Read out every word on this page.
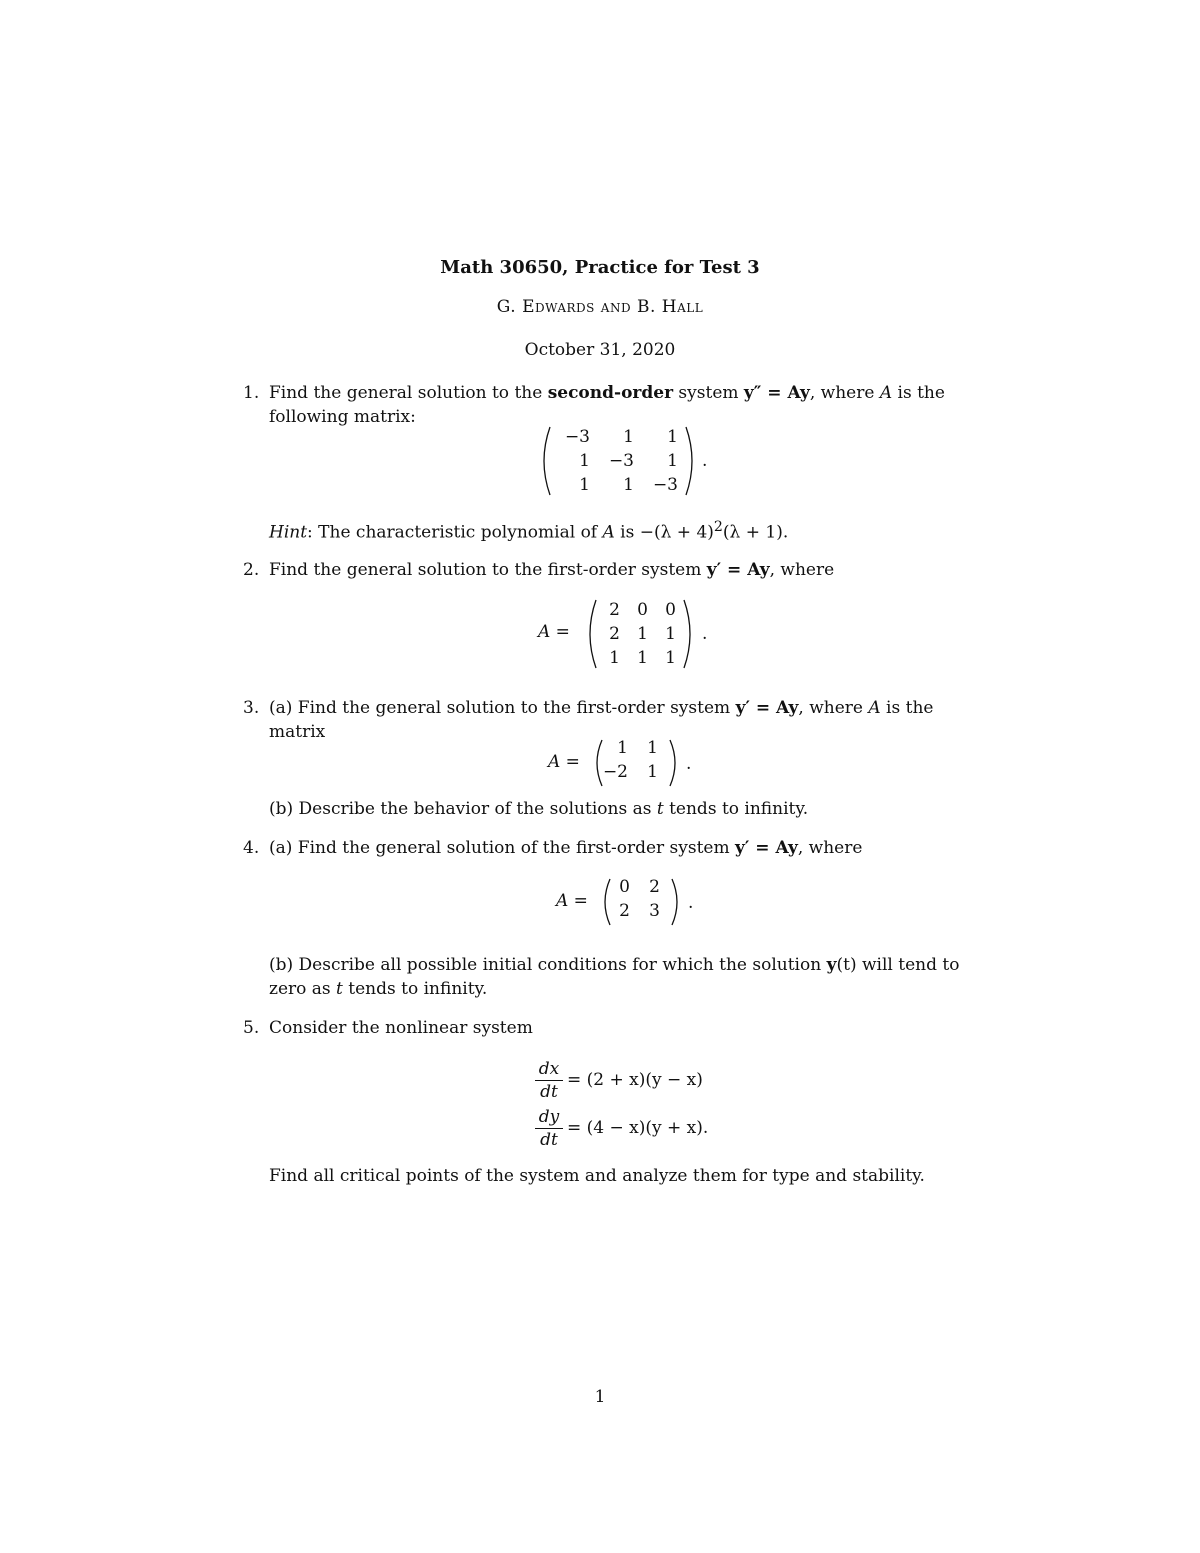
Math 30650, Practice for Test 3
G. Edwards and B. Hall
October 31, 2020
1. Find the general solution to the second-order system y″ = Ay, where A is the
following matrix:
−3	1	1
1	−3	1
1	1	−3
.
Hint: The characteristic polynomial of A is $-(\lambda + 4)^2(\lambda + 1)$.
2. Find the general solution to the first-order system y′ = Ay, where
A =
2	0	0
2	1	1
1	1	1
.
3. (a) Find the general solution to the first-order system y′ = Ay, where A is the
matrix
A =
1	1
−2	1 .
(b) Describe the behavior of the solutions as t tends to infinity.
4. (a) Find the general solution of the first-order system y′ = Ay, where
A =
0	2
2	3 .
(b) Describe all possible initial conditions for which the solution y(t) will tend to
zero as t tends to infinity.
5. Consider the nonlinear system
$\frac{dx}{dt} = (2 + x)(y - x)$
$\frac{dy}{dt} = (4 - x)(y + x)$.
Find all critical points of the system and analyze them for type and stability.
1
